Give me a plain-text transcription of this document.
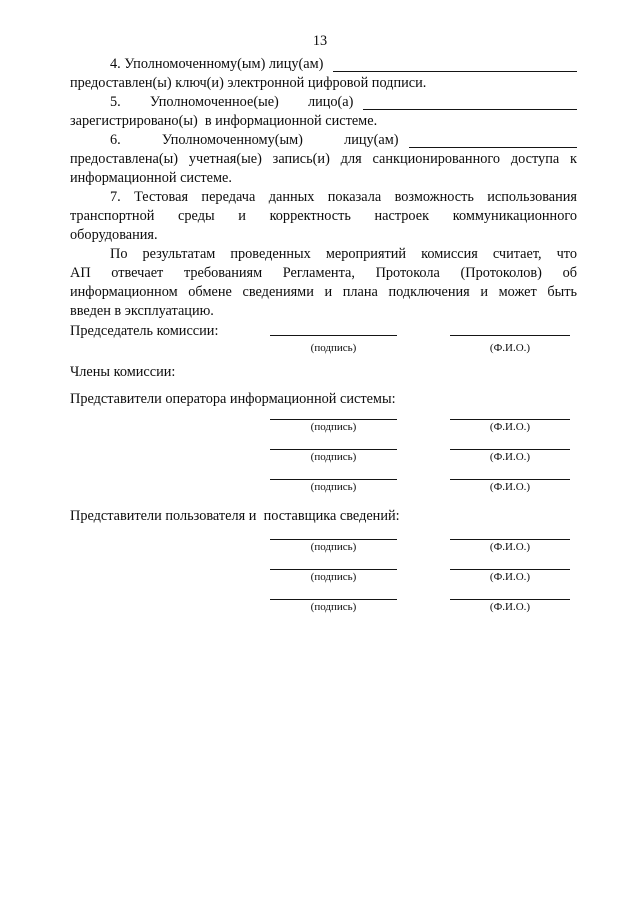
13
4. Уполномоченному(ым) лицу(ам)
предоставлен(ы) ключ(и) электронной цифровой подписи.
5.  Уполномоченное(ые)  лицо(а)
зарегистрировано(ы)  в информационной системе.
6.  Уполномоченному(ым)  лицу(ам)
предоставлена(ы) учетная(ые) запись(и) для санкционированного доступа к
информационной системе.
7. Тестовая передача данных показала возможность использования
транспортной среды и корректность настроек коммуникационного
оборудования.
По результатам проведенных мероприятий комиссия считает, что
АП отвечает требованиям Регламента, Протокола (Протоколов) об
информационном обмене сведениями и плана подключения и может быть
введен в эксплуатацию.
Председатель комиссии:
(подпись)	(Ф.И.О.)
Члены комиссии:
Представители оператора информационной системы:
(подпись)	(Ф.И.О.)
(подпись)	(Ф.И.О.)
(подпись)	(Ф.И.О.)
Представители пользователя и  поставщика сведений:
(подпись)	(Ф.И.О.)
(подпись)	(Ф.И.О.)
(подпись)	(Ф.И.О.)
